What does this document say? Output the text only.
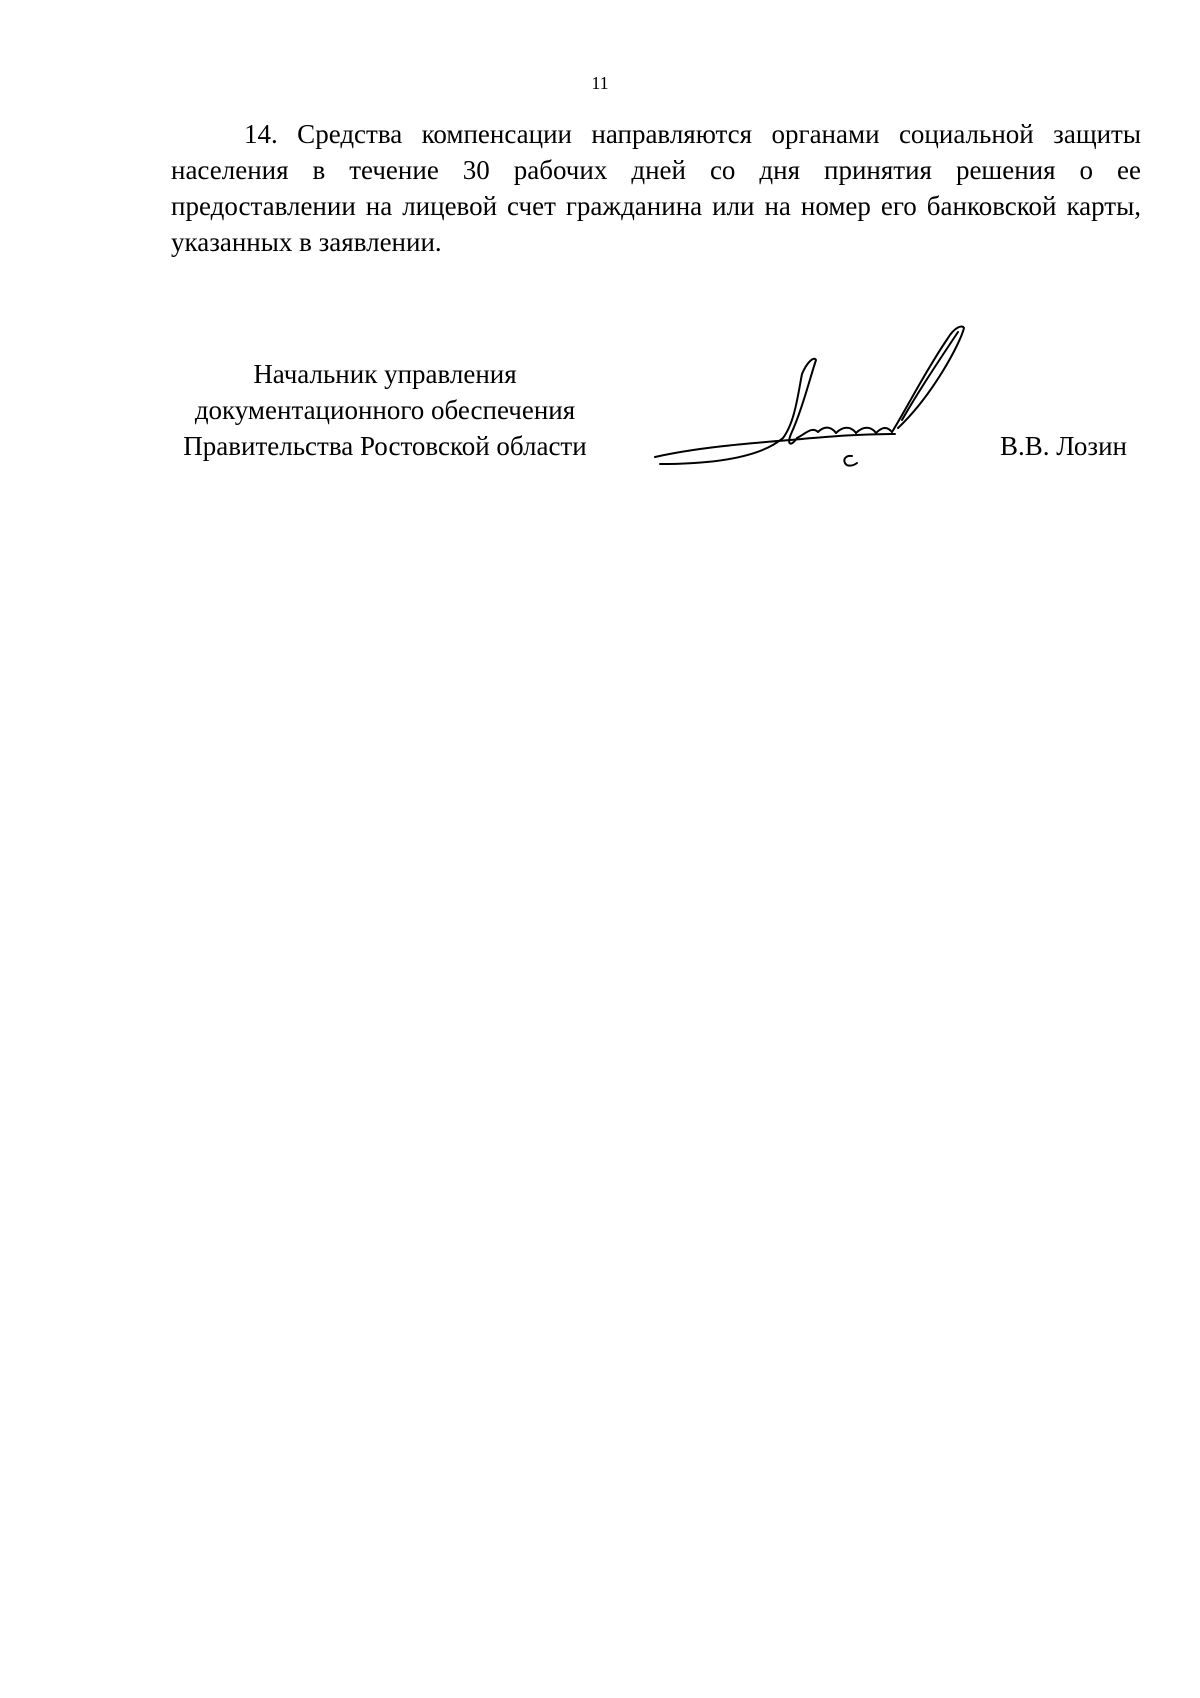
11

14. Средства компенсации направляются органами социальной защиты населения в течение 30 рабочих дней со дня принятия решения о ее предоставлении на лицевой счет гражданина или на номер его банковской карты, указанных в заявлении.

Начальник управления
документационного обеспечения
Правительства Ростовской области	В.В. Лозин
